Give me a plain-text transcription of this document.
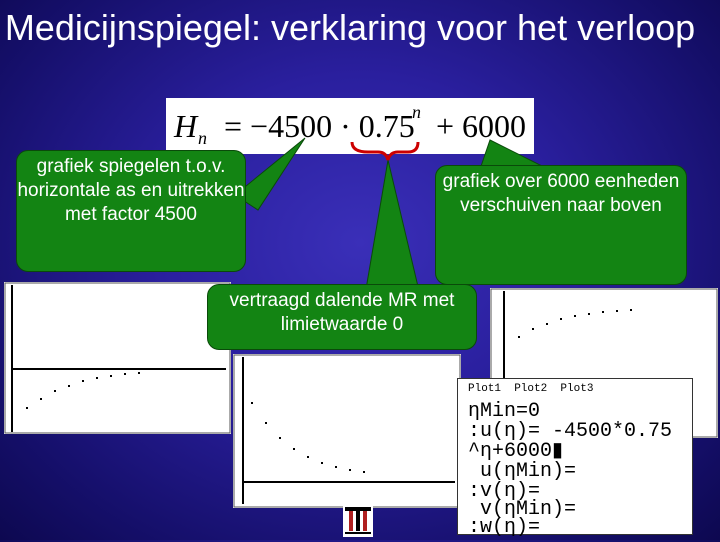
Medicijnspiegel: verklaring voor het verloop
H n = −4500 · 0.75
n + 6000
grafiek spiegelen t.o.v. horizontale as en uitrekken met factor 4500
grafiek over 6000 eenheden verschuiven naar boven
vertraagd dalende MR met limietwaarde 0
Plot1  Plot2  Plot3
ηMin=0
:u(η)= -4500*0.75
^η+6000▮
u(ηMin)=
:v(η)=
v(ηMin)=
:w(η)=
